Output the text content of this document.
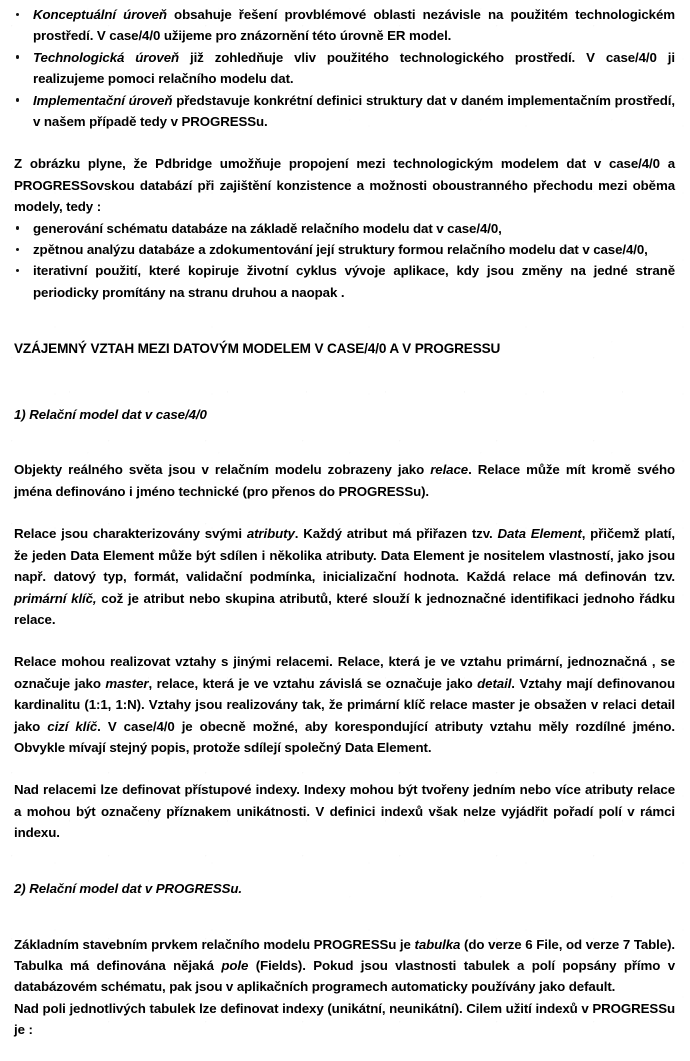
Konceptuální úroveň obsahuje řešení provblémové oblasti nezávisle na použitém technologickém prostředí. V case/4/0 užijeme pro znázornění této úrovně ER model.
Technologická úroveň již zohledňuje vliv použitého technologického prostředí. V case/4/0 ji realizujeme pomoci relačního modelu dat.
Implementační úroveň představuje konkrétní definici struktury dat v daném implementačním prostředí, v našem případě tedy v PROGRESSu.

Z obrázku plyne, že Pdbridge umožňuje propojení mezi technologickým modelem dat v case/4/0 a PROGRESSovskou databází při zajištění konzistence a možnosti oboustranného přechodu mezi oběma modely, tedy :

generování schématu databáze na základě relačního modelu dat v case/4/0,
zpětnou analýzu databáze a zdokumentování její struktury formou relačního modelu dat v case/4/0,
iterativní použití, které kopiruje životní cyklus vývoje aplikace, kdy jsou změny na jedné straně periodicky promítány na stranu druhou a naopak .

VZÁJEMNÝ VZTAH MEZI DATOVÝM MODELEM V CASE/4/0 A V PROGRESSU

1) Relační model dat v case/4/0

Objekty reálného světa jsou v relačním modelu zobrazeny jako relace. Relace může mít kromě svého jména definováno i jméno technické (pro přenos do PROGRESSu).

Relace jsou charakterizovány svými atributy. Každý atribut má přiřazen tzv. Data Element, přičemž platí, že jeden Data Element může být sdílen i několika atributy. Data Element je nositelem vlastností, jako jsou např. datový typ, formát, validační podmínka, inicializační hodnota. Každá relace má definován tzv. primární klíč, což je atribut nebo skupina atributů, které slouží k jednoznačné identifikaci jednoho řádku relace.

Relace mohou realizovat vztahy s jinými relacemi. Relace, která je ve vztahu primární, jednoznačná , se označuje jako master, relace, která je ve vztahu závislá se označuje jako detail. Vztahy mají definovanou kardinalitu (1:1, 1:N). Vztahy jsou realizovány tak, že primární klíč relace master je obsažen v relaci detail jako cizí klíč. V case/4/0 je obecně možné, aby korespondující atributy vztahu měly rozdílné jméno. Obvykle mívají stejný popis, protože sdílejí společný Data Element.

Nad relacemi lze definovat přístupové indexy. Indexy mohou být tvořeny jedním nebo více atributy relace a mohou být označeny příznakem unikátnosti. V definici indexů však nelze vyjádřit pořadí polí v rámci indexu.

2) Relační model dat v PROGRESSu.

Základním stavebním prvkem relačního modelu PROGRESSu je tabulka (do verze 6 File, od verze 7 Table). Tabulka má definována nějaká pole (Fields). Pokud jsou vlastnosti tabulek a polí popsány přímo v databázovém schématu, pak jsou v aplikačních programech automaticky používány jako default.

Nad poli jednotlivých tabulek lze definovat indexy (unikátní, neunikátní). Cilem užití indexů v PROGRESSu je :
